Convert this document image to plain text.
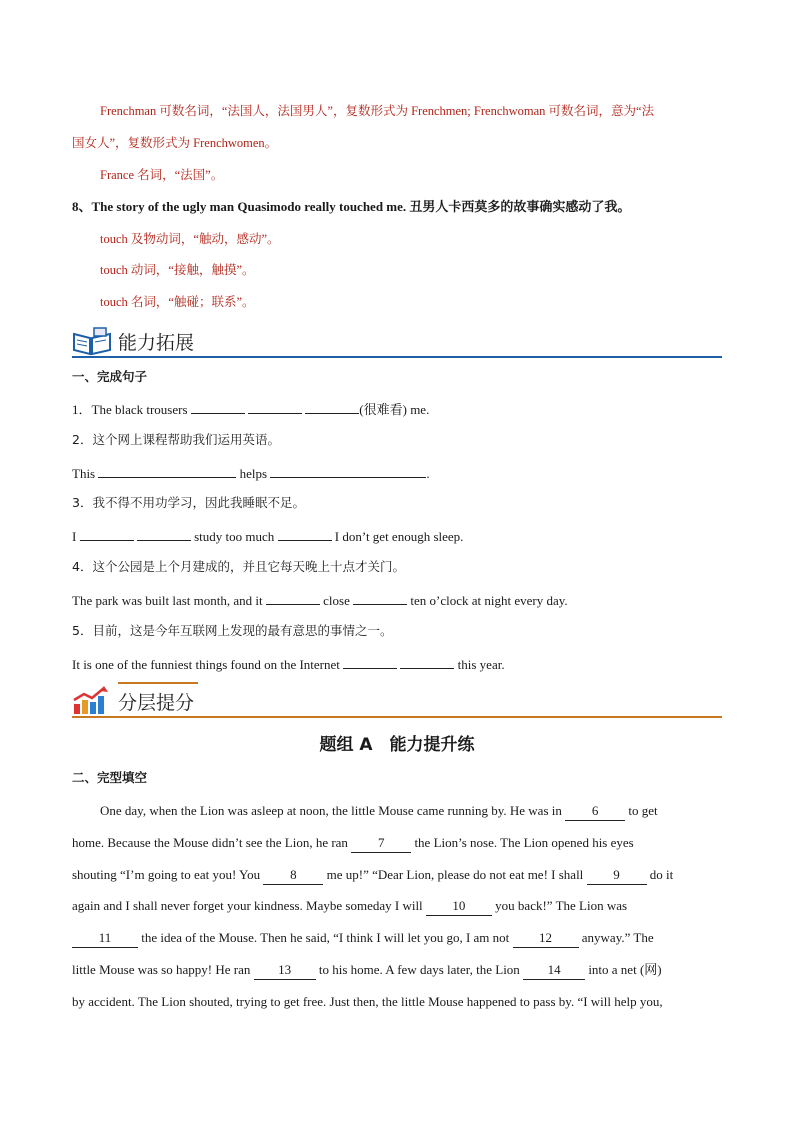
Frenchman 可数名词，“法国人，法国男人”，复数形式为 Frenchmen; Frenchwoman 可数名词，意为“法
国女人”，复数形式为 Frenchwomen。
France 名词，“法国”。
8、The story of the ugly man Quasimodo really touched me. 丑男人卡西莫多的故事确实感动了我。
touch 及物动词，“触动，感动”。
touch 动词，“接触，触摸”。
touch 名词，“触碰；联系”。
能力拓展
一、完成句子
1．The black trousers	(很难看) me.
2．这个网上课程帮助我们运用英语。
This	helps	.
3．我不得不用功学习，因此我睡眠不足。
I	study too much	I don’t get enough sleep.
4．这个公园是上个月建成的，并且它每天晚上十点才关门。
The park was built last month, and it	close	ten o’clock at night every day.
5．目前，这是今年互联网上发现的最有意思的事情之一。
It is one of the funniest things found on the Internet	this year.
分层提分
题组 A　能力提升练
二、完型填空
One day, when the Lion was asleep at noon, the little Mouse came running by. He was in 6 to get
home. Because the Mouse didn’t see the Lion, he ran 7 the Lion’s nose. The Lion opened his eyes
shouting “I’m going to eat you! You 8 me up!” “Dear Lion, please do not eat me! I shall 9 do it
again and I shall never forget your kindness. Maybe someday I will 10 you back!” The Lion was
11 the idea of the Mouse. Then he said, “I think I will let you go, I am not 12 anyway.” The
little Mouse was so happy! He ran 13 to his home. A few days later, the Lion 14 into a net (网)
by accident. The Lion shouted, trying to get free. Just then, the little Mouse happened to pass by. “I will help you,
